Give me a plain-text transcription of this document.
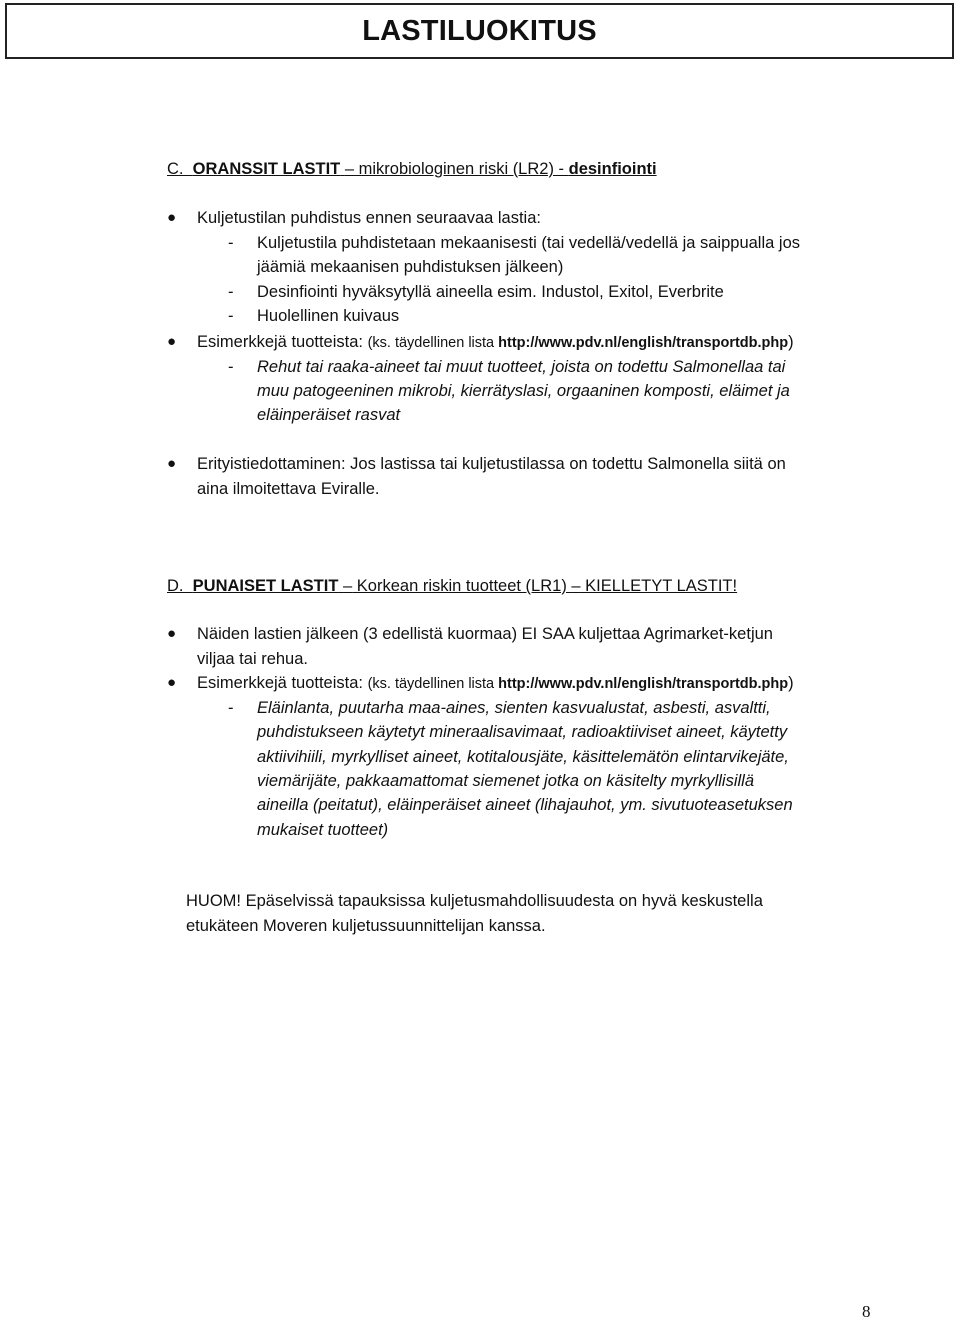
LASTILUOKITUS
C. ORANSSIT LASTIT – mikrobiologinen riski (LR2) - desinfiointi
● Kuljetustilan puhdistus ennen seuraavaa lastia:
- Kuljetustila puhdistetaan mekaanisesti (tai vedellä/vedellä ja saippualla jos
jäämiä mekaanisen puhdistuksen jälkeen)
- Desinfiointi hyväksytyllä aineella esim. Industol, Exitol, Everbrite
- Huolellinen kuivaus
● Esimerkkejä tuotteista: (ks. täydellinen lista http://www.pdv.nl/english/transportdb.php)
- Rehut tai raaka-aineet tai muut tuotteet, joista on todettu Salmonellaa tai
muu patogeeninen mikrobi, kierrätyslasi, orgaaninen komposti, eläimet ja
eläinperäiset rasvat
● Erityistiedottaminen: Jos lastissa tai kuljetustilassa on todettu Salmonella siitä on
aina ilmoitettava Eviralle.
D. PUNAISET LASTIT – Korkean riskin tuotteet (LR1) – KIELLETYT LASTIT!
● Näiden lastien jälkeen (3 edellistä kuormaa) EI SAA kuljettaa Agrimarket-ketjun
viljaa tai rehua.
● Esimerkkejä tuotteista: (ks. täydellinen lista http://www.pdv.nl/english/transportdb.php)
- Eläinlanta, puutarha maa-aines, sienten kasvualustat, asbesti, asvaltti,
puhdistukseen käytetyt mineraalisavimaat, radioaktiiviset aineet, käytetty
aktiivihiili, myrkylliset aineet, kotitalousjäte, käsittelemätön elintarvikejäte,
viemärijäte, pakkaamattomat siemenet jotka on käsitelty myrkyllisillä
aineilla (peitatut), eläinperäiset aineet (lihajauhot, ym. sivutuoteasetuksen
mukaiset tuotteet)
HUOM! Epäselvissä tapauksissa kuljetusmahdollisuudesta on hyvä keskustella
etukäteen Moveren kuljetussuunnittelijan kanssa.
8
